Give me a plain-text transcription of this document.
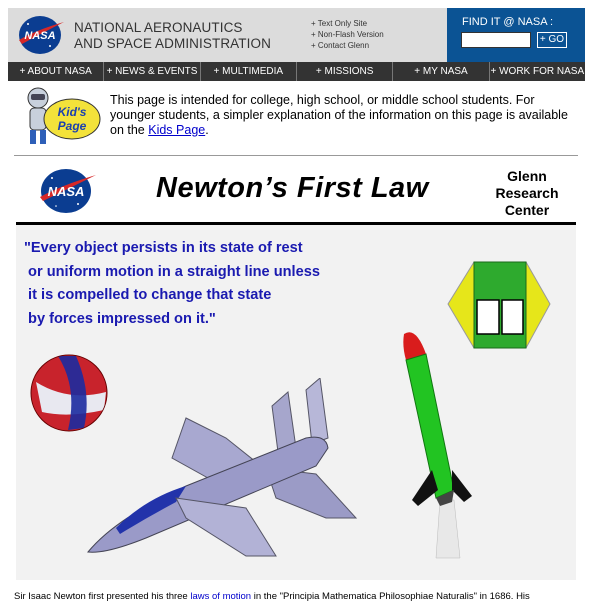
NASA
NATIONAL AERONAUTICS
AND SPACE ADMINISTRATION
+ Text Only Site
+ Non-Flash Version
+ Contact Glenn
FIND IT @ NASA :
+ GO
+ ABOUT NASA	+ NEWS & EVENTS	+ MULTIMEDIA	+ MISSIONS	+ MY NASA	+ WORK FOR NASA
Kid's
Page
This page is intended for college, high school, or middle school students. For younger students, a simpler explanation of the information on this page is available on the Kids Page.
NASA Newton’s First Law	Glenn
Research
Center
"Every object persists in its state of rest
or uniform motion in a straight line unless
it is compelled to change that state
by forces impressed on it."
Sir Isaac Newton first presented his three laws of motion in the "Principia Mathematica Philosophiae Naturalis" in 1686. His
